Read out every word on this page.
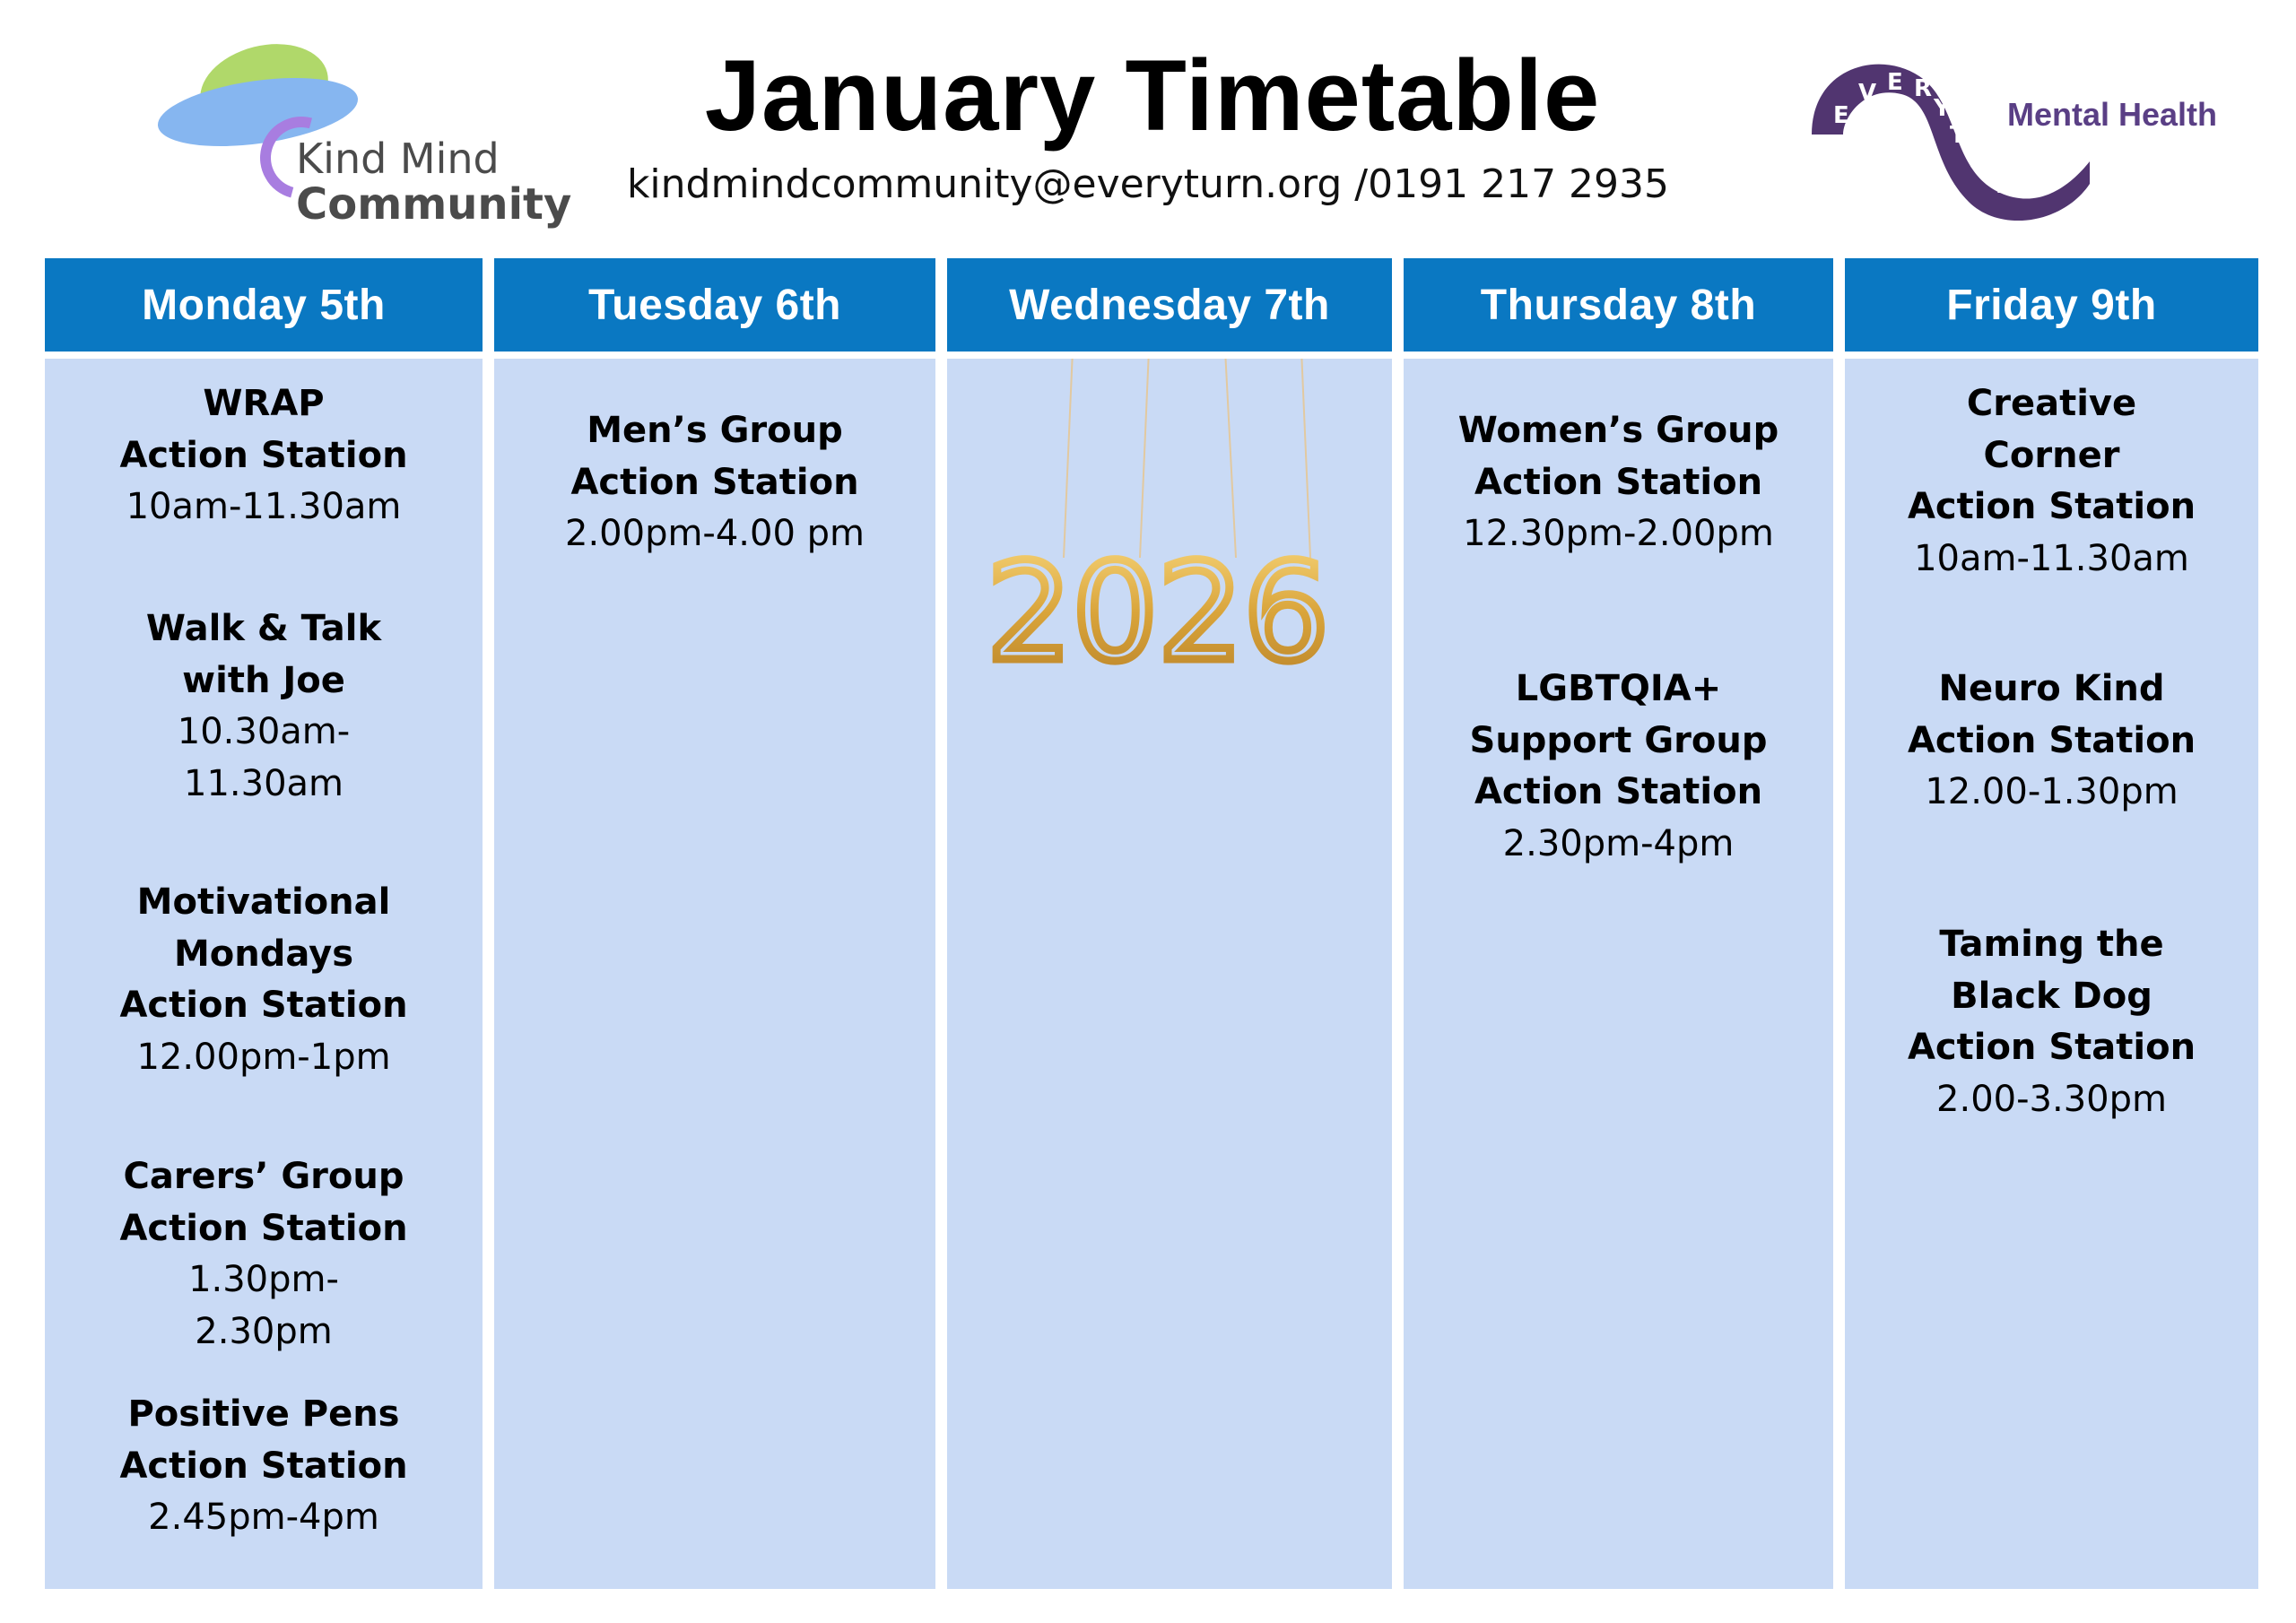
Kind Mind
Community
January Timetable
kindmindcommunity@everyturn.org /0191 217 2935
E V E R Y T U R N
Mental Health
Monday 5th
WRAP
Action Station
10am-11.30am
Walk & Talk
with Joe
10.30am-
11.30am
Motivational
Mondays
Action Station
12.00pm-1pm
Carers’ Group
Action Station
1.30pm-
2.30pm
Positive Pens
Action Station
2.45pm-4pm
Tuesday 6th
Men’s Group
Action Station
2.00pm-4.00 pm
Wednesday 7th
2026
Thursday 8th
Women’s Group
Action Station
12.30pm-2.00pm
LGBTQIA+
Support Group
Action Station
2.30pm-4pm
Friday 9th
Creative
Corner
Action Station
10am-11.30am
Neuro Kind
Action Station
12.00-1.30pm
Taming the
Black Dog
Action Station
2.00-3.30pm
